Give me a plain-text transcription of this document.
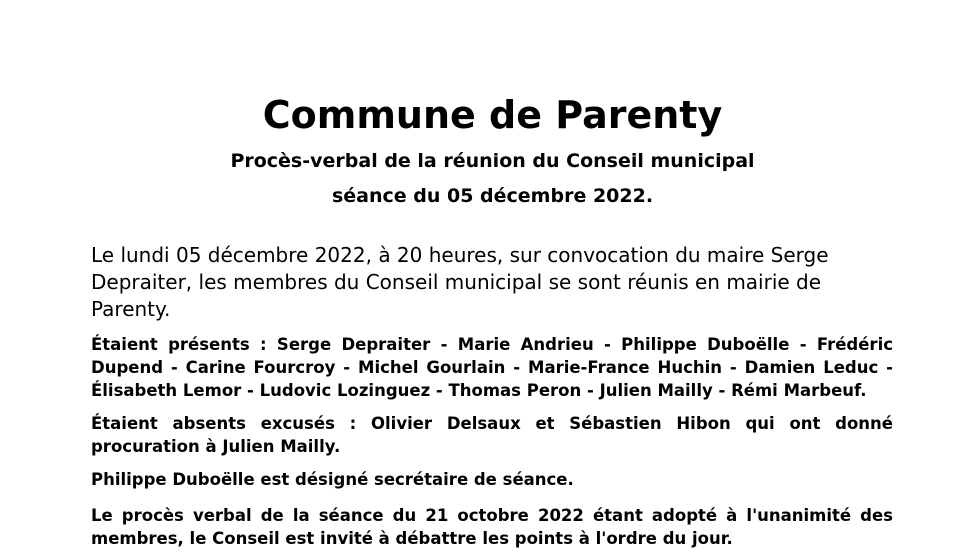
Commune de Parenty

Procès-verbal de la réunion du Conseil municipal

séance du 05 décembre 2022.

Le lundi 05 décembre 2022, à 20 heures, sur convocation du maire Serge Depraiter, les membres du Conseil municipal se sont réunis en mairie de Parenty.

Étaient présents : Serge Depraiter - Marie Andrieu - Philippe Duboëlle - Frédéric Dupend - Carine Fourcroy - Michel Gourlain - Marie-France Huchin - Damien Leduc - Élisabeth Lemor - Ludovic Lozinguez - Thomas Peron - Julien Mailly - Rémi Marbeuf.

Étaient absents excusés : Olivier Delsaux et Sébastien Hibon qui ont donné procuration à Julien Mailly.

Philippe Duboëlle est désigné secrétaire de séance.

Le procès verbal de la séance du 21 octobre 2022 étant adopté à l'unanimité des membres, le Conseil est invité à débattre les points à l'ordre du jour.
